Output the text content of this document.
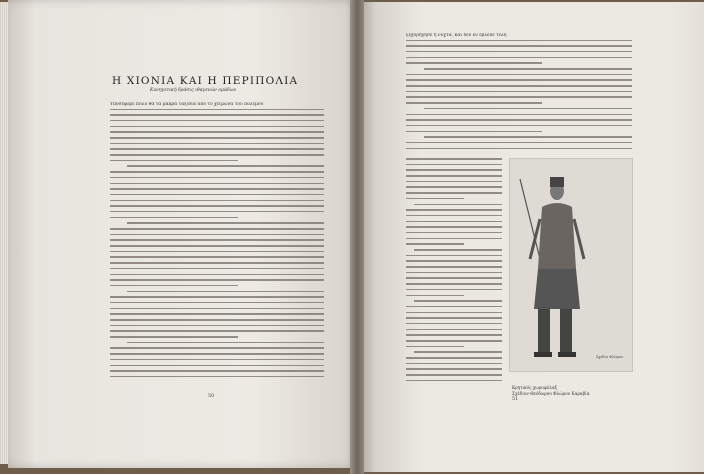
Η ΧΙΟΝΙΑ ΚΑΙ Η ΠΕΡΙΠΟΛΙΑ
Κυνηγετική δράσις ιθαγενών ομάδων
Υποσέφερε πολύ θα τα μακρά ταξίδια από τό χειμώνα τού πολέμου
50
ξεχορήγησε ή νύχτα, καί δεν εν έβλεπε τέλη
Σχέδιο Φλώρου
Κρητικός χωροφύλαξ
Σχέδιον Θεόδωρου Φλώρου Καραβία
51
